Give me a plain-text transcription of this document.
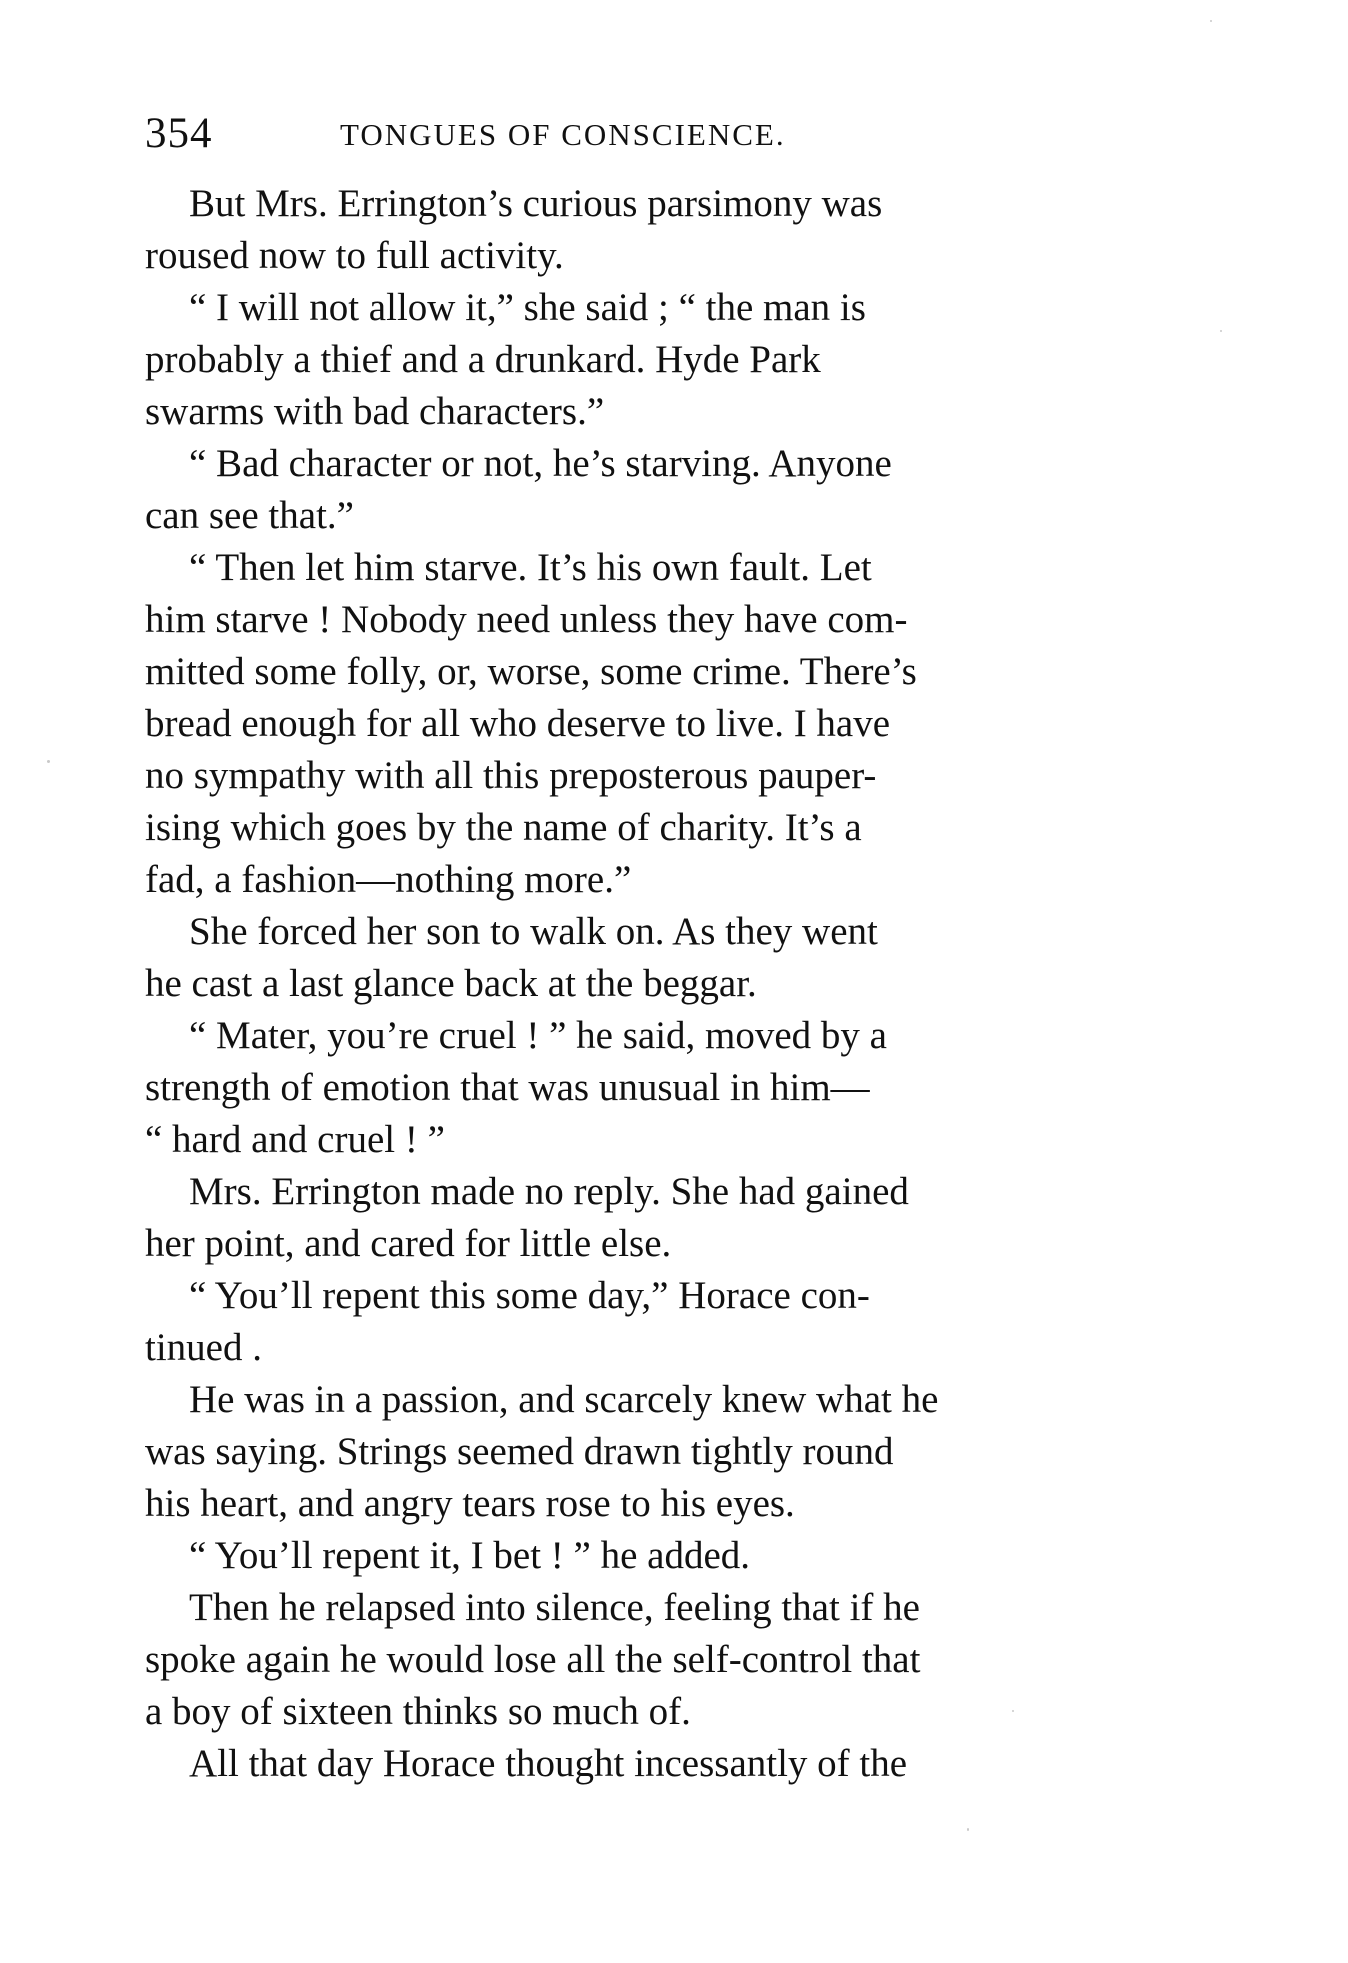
354	TONGUES OF CONSCIENCE.
But Mrs. Errington’s curious parsimony was
roused now to full activity.
“ I will not allow it,” she said ; “ the man is
probably a thief and a drunkard. Hyde Park
swarms with bad characters.”
“ Bad character or not, he’s starving. Anyone
can see that.”
“ Then let him starve. It’s his own fault. Let
him starve ! Nobody need unless they have com-
mitted some folly, or, worse, some crime. There’s
bread enough for all who deserve to live. I have
no sympathy with all this preposterous pauper-
ising which goes by the name of charity. It’s a
fad, a fashion—nothing more.”
She forced her son to walk on. As they went
he cast a last glance back at the beggar.
“ Mater, you’re cruel ! ” he said, moved by a
strength of emotion that was unusual in him—
“ hard and cruel ! ”
Mrs. Errington made no reply. She had gained
her point, and cared for little else.
“ You’ll repent this some day,” Horace con-
tinued .
He was in a passion, and scarcely knew what he
was saying. Strings seemed drawn tightly round
his heart, and angry tears rose to his eyes.
“ You’ll repent it, I bet ! ” he added.
Then he relapsed into silence, feeling that if he
spoke again he would lose all the self-control that
a boy of sixteen thinks so much of.
All that day Horace thought incessantly of the
